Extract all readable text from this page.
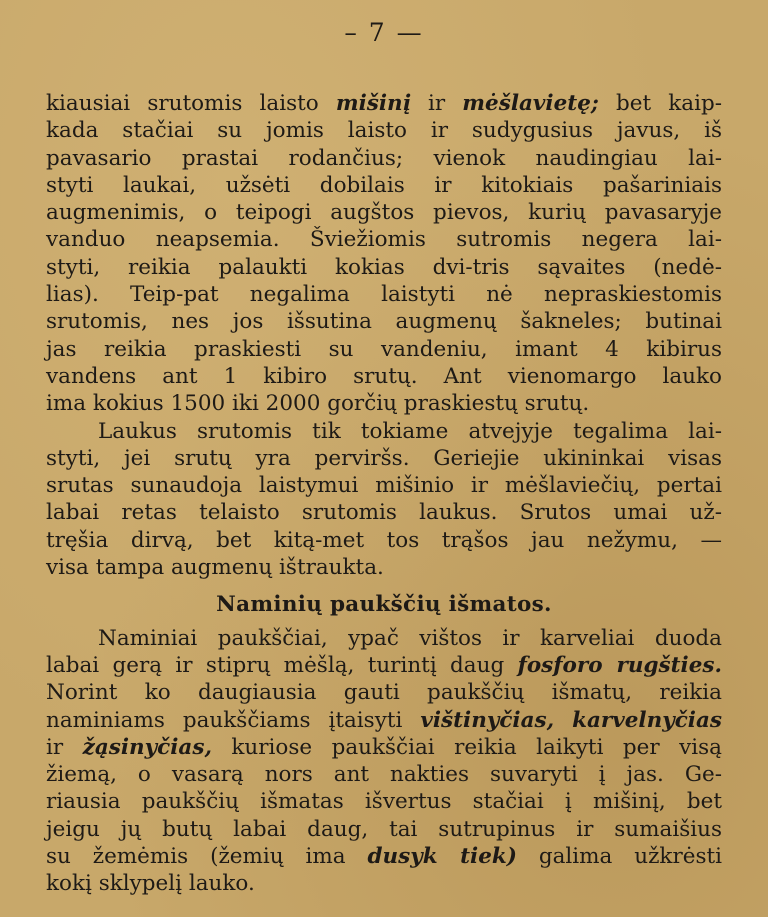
– 7 —
kiausiai srutomis laisto mišinį ir mėšlavietę; bet kaip-
kada stačiai su jomis laisto ir sudygusius javus, iš
pavasario prastai rodančius; vienok naudingiau lai-
styti laukai, užsėti dobilais ir kitokiais pašariniais
augmenimis, o teipogi augštos pievos, kurių pavasaryje
vanduo neapsemia. Šviežiomis sutromis negera lai-
styti, reikia palaukti kokias dvi-tris sąvaites (nedė-
lias). Teip-pat negalima laistyti nė nepraskiestomis
srutomis, nes jos išsutina augmenų šakneles; butinai
jas reikia praskiesti su vandeniu, imant 4 kibirus
vandens ant 1 kibiro srutų. Ant vienomargo lauko
ima kokius 1500 iki 2000 gorčių praskiestų srutų.
Laukus srutomis tik tokiame atvejyje tegalima lai-
styti, jei srutų yra perviršs. Geriejie ukininkai visas
srutas sunaudoja laistymui mišinio ir mėšlaviečių, pertai
labai retas telaisto srutomis laukus. Srutos umai už-
tręšia dirvą, bet kitą-met tos trąšos jau nežymu, —
visa tampa augmenų ištraukta.
Naminių paukščių išmatos.
Naminiai paukščiai, ypač vištos ir karveliai duoda
labai gerą ir stiprų mėšlą, turintį daug fosforo rugšties.
Norint ko daugiausia gauti paukščių išmatų, reikia
naminiams paukščiams įtaisyti vištinyčias, karvelnyčias
ir žąsinyčias, kuriose paukščiai reikia laikyti per visą
žiemą, o vasarą nors ant nakties suvaryti į jas. Ge-
riausia paukščių išmatas išvertus stačiai į mišinį, bet
jeigu jų butų labai daug, tai sutrupinus ir sumaišius
su žemėmis (žemių ima dusyk tiek) galima užkrėsti
kokį sklypelį lauko.
